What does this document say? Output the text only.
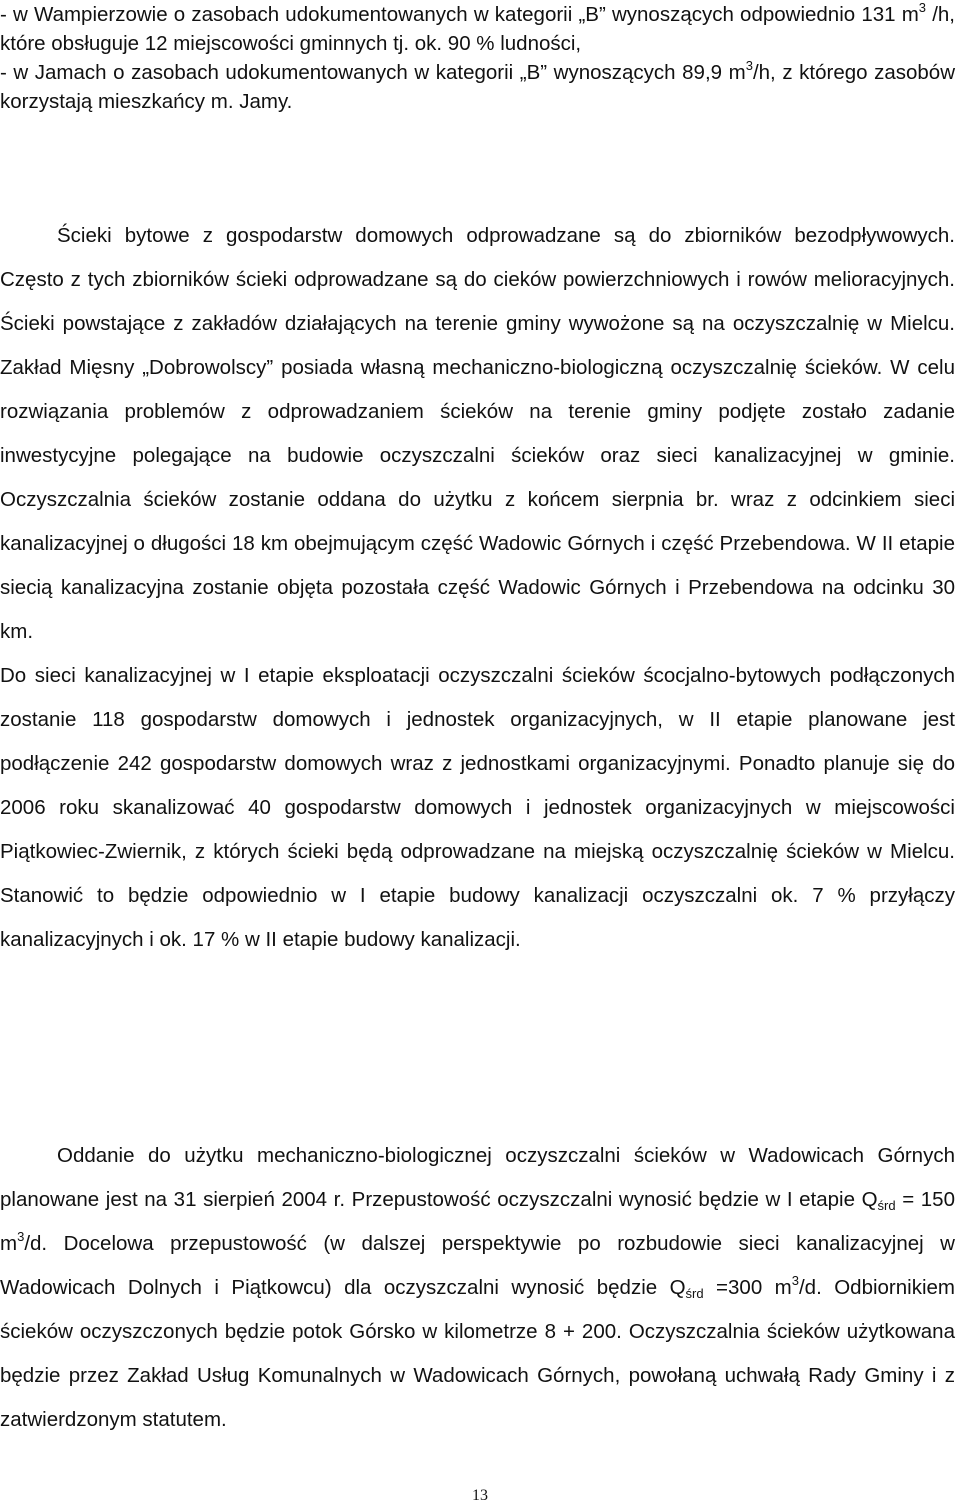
- w Wampierzowie o zasobach udokumentowanych w kategorii „B” wynoszących odpowiednio 131 $m^3$ /h, które obsługuje 12 miejscowości gminnych tj. ok. 90 % ludności,

- w Jamach o zasobach udokumentowanych w kategorii „B” wynoszących 89,9 $m^3/h$, z którego zasobów korzystają mieszkańcy m. Jamy.

Ścieki bytowe z gospodarstw domowych odprowadzane są do zbiorników bezodpływowych. Często z tych zbiorników ścieki odprowadzane są do cieków powierzchniowych i rowów melioracyjnych. Ścieki powstające z zakładów działających na terenie gminy wywożone są na oczyszczalnię w Mielcu. Zakład Mięsny „Dobrowolscy” posiada własną mechaniczno-biologiczną oczyszczalnię ścieków. W celu rozwiązania problemów z odprowadzaniem ścieków na terenie gminy podjęte zostało zadanie inwestycyjne polegające na budowie oczyszczalni ścieków oraz sieci kanalizacyjnej w gminie. Oczyszczalnia ścieków zostanie oddana do użytku z końcem sierpnia br. wraz z odcinkiem sieci kanalizacyjnej o długości 18 km obejmującym część Wadowic Górnych i część Przebendowa. W II etapie siecią kanalizacyjna zostanie objęta pozostała część Wadowic Górnych i Przebendowa na odcinku 30 km.

Do sieci kanalizacyjnej w I etapie eksploatacji oczyszczalni ścieków ścocjalno-bytowych podłączonych zostanie 118 gospodarstw domowych i jednostek organizacyjnych, w II etapie planowane jest podłączenie 242 gospodarstw domowych wraz z jednostkami organizacyjnymi. Ponadto planuje się do 2006 roku skanalizować 40 gospodarstw domowych i jednostek organizacyjnych w miejscowości Piątkowiec-Zwiernik, z których ścieki będą odprowadzane na miejską oczyszczalnię ścieków w Mielcu. Stanowić to będzie odpowiednio w I etapie budowy kanalizacji oczyszczalni ok. 7 % przyłączy kanalizacyjnych i ok. 17 % w II etapie budowy kanalizacji.

Oddanie do użytku mechaniczno-biologicznej oczyszczalni ścieków w Wadowicach Górnych planowane jest na 31 sierpień 2004 r. Przepustowość oczyszczalni wynosić będzie w I etapie $Q_{śrd} = 150$ $m^3/d$. Docelowa przepustowość (w dalszej perspektywie po rozbudowie sieci kanalizacyjnej w Wadowicach Dolnych i Piątkowcu) dla oczyszczalni wynosić będzie $Q_{śrd} =300$ $m^3/d$. Odbiornikiem ścieków oczyszczonych będzie potok Górsko w kilometrze 8 + 200. Oczyszczalnia ścieków użytkowana będzie przez Zakład Usług Komunalnych w Wadowicach Górnych, powołaną uchwałą Rady Gminy i z zatwierdzonym statutem.

13
